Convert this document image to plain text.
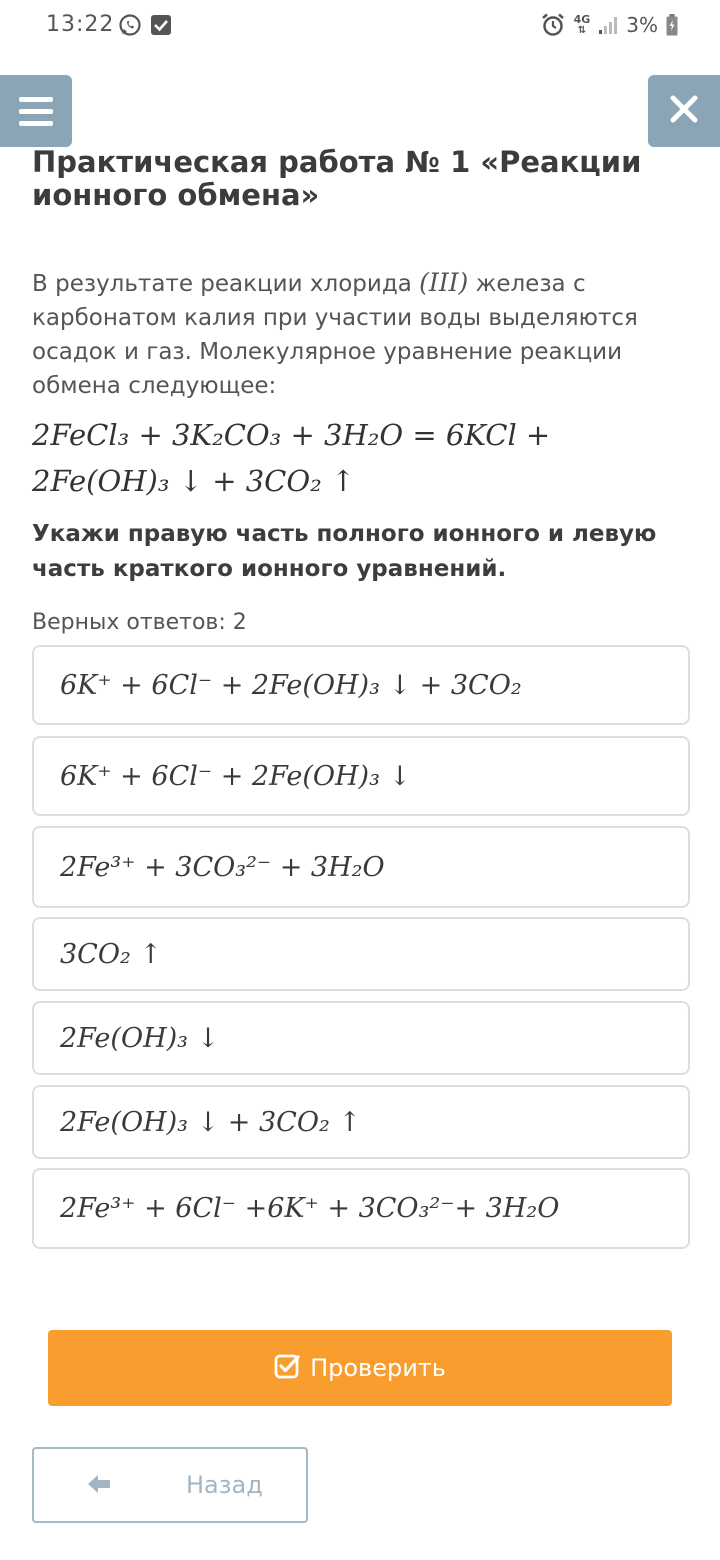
13:22	4G
⇅ 3%
Практическая работа № 1 «Реакции ионного обмена»

В результате реакции хлорида (III) железа с карбонатом калия при участии воды выделяются осадок и газ. Молекулярное уравнение реакции обмена следующее:

2FeCl₃ + 3K₂CO₃ + 3H₂O = 6KCl +
2Fe(OH)₃ ↓ + 3CO₂ ↑

Укажи правую часть полного ионного и левую часть краткого ионного уравнений.

Верных ответов: 2
6K⁺ + 6Cl⁻ + 2Fe(OH)₃ ↓ + 3CO₂
6K⁺ + 6Cl⁻ + 2Fe(OH)₃ ↓
2Fe³⁺ + 3CO₃²⁻ + 3H₂O
3CO₂ ↑
2Fe(OH)₃ ↓
2Fe(OH)₃ ↓ + 3CO₂ ↑
2Fe³⁺ + 6Cl⁻ +6K⁺ + 3CO₃²⁻+ 3H₂O
Проверить
Назад
